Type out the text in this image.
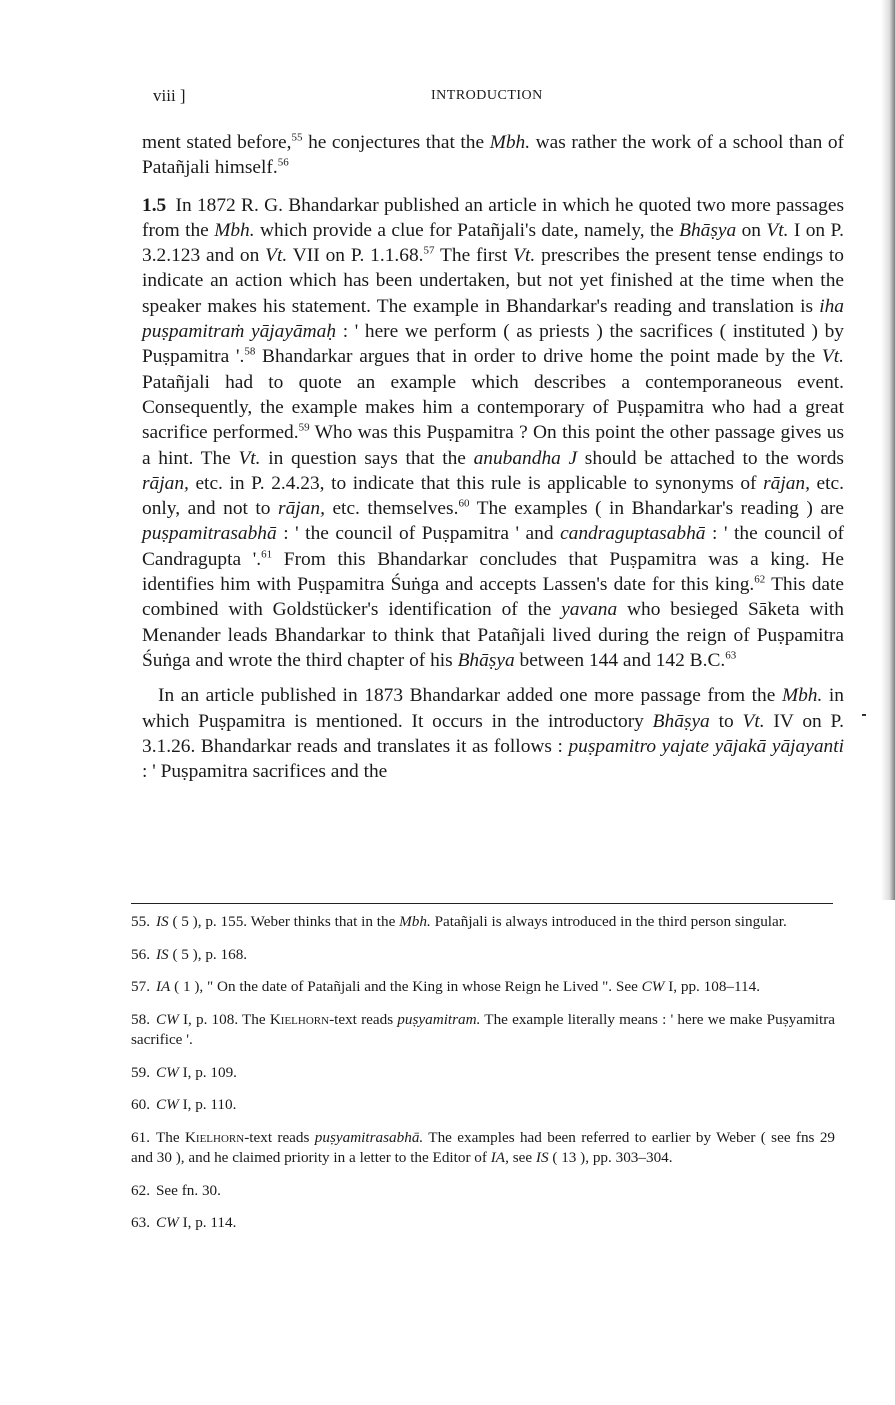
viii ]	INTRODUCTION

ment stated before,$^{55}$ he conjectures that the Mbh. was rather the work of a school than of Patañjali himself.$^{56}$

1.5 In 1872 R. G. Bhandarkar published an article in which he quoted two more passages from the Mbh. which provide a clue for Patañjali's date, namely, the Bhāṣya on Vt. I on P. 3.2.123 and on Vt. VII on P. 1.1.68.57 The first Vt. prescribes the present tense endings to indicate an action which has been undertaken, but not yet finished at the time when the speaker makes his statement. The example in Bhandarkar's reading and translation is iha puṣpamitraṁ yājayāmaḥ : ' here we perform ( as priests ) the sacrifices ( instituted ) by Puṣpamitra '.$^{58}$ Bhandarkar argues that in order to drive home the point made by the Vt. Patañjali had to quote an example which describes a contemporaneous event. Consequently, the example makes him a contemporary of Puṣpamitra who had a great sacrifice performed.$^{59}$ Who was this Puṣpamitra ? On this point the other passage gives us a hint. The Vt. in question says that the anubandha J should be attached to the words rājan, etc. in P. 2.4.23, to indicate that this rule is applicable to synonyms of rājan, etc. only, and not to rājan, etc. themselves.$^{60}$ The examples ( in Bhandarkar's reading ) are puṣpamitrasabhā : ' the council of Puṣpamitra ' and candraguptasabhā : ' the council of Candragupta '.$^{61}$ From this Bhandarkar concludes that Puṣpamitra was a king. He identifies him with Puṣpamitra Śuṅga and accepts Lassen's date for this king.$^{62}$ This date combined with Goldstücker's identification of the yavana who besieged Sāketa with Menander leads Bhandarkar to think that Patañjali lived during the reign of Puṣpamitra Śuṅga and wrote the third chapter of his Bhāṣya between 144 and 142 B.C.$^{63}$

In an article published in 1873 Bhandarkar added one more passage from the Mbh. in which Puṣpamitra is mentioned. It occurs in the introductory Bhāṣya to Vt. IV on P. 3.1.26. Bhandarkar reads and translates it as follows : puṣpamitro yajate yājakā yājayanti : ' Puṣpamitra sacrifices and the

55. IS ( 5 ), p. 155. Weber thinks that in the Mbh. Patañjali is always introduced in the third person singular.

56. IS ( 5 ), p. 168.

57. IA ( 1 ), " On the date of Patañjali and the King in whose Reign he Lived ". See CW I, pp. 108–114.

58. CW I, p. 108. The Kielhorn-text reads puṣyamitram. The example literally means : ' here we make Puṣyamitra sacrifice '.

59. CW I, p. 109.

60. CW I, p. 110.

61. The Kielhorn-text reads puṣyamitrasabhā. The examples had been referred to earlier by Weber ( see fns 29 and 30 ), and he claimed priority in a letter to the Editor of IA, see IS ( 13 ), pp. 303–304.

62. See fn. 30.

63. CW I, p. 114.
